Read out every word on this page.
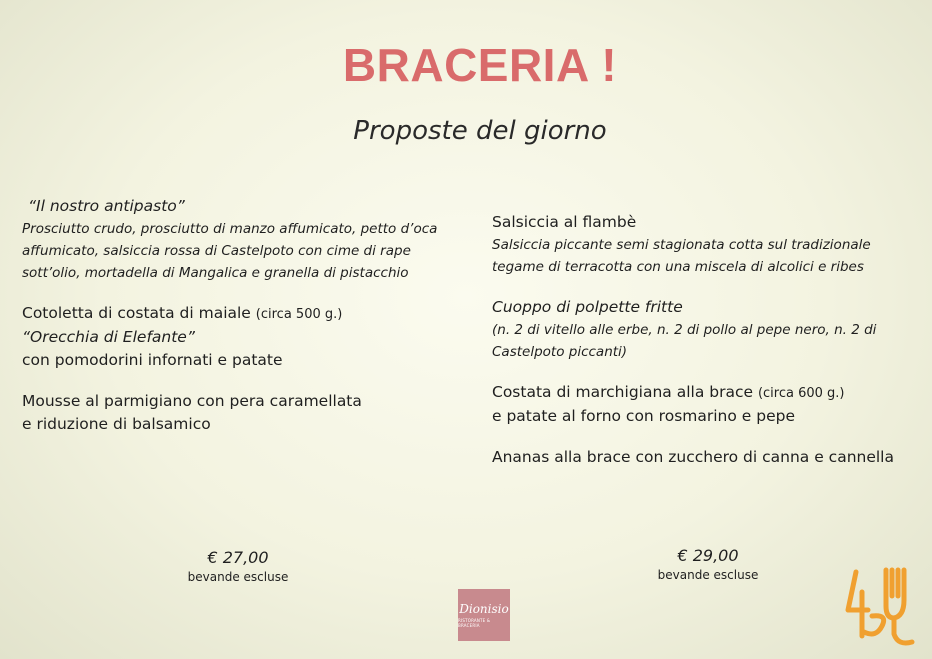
BRACERIA !
Proposte del giorno

“Il nostro antipasto”

Prosciutto crudo, prosciutto di manzo affumicato, petto d’oca

affumicato, salsiccia rossa di Castelpoto con cime di rape

sott’olio, mortadella di Mangalica e granella di pistacchio

Cotoletta di costata di maiale (circa 500 g.)

“Orecchia di Elefante”

con pomodorini infornati e patate

Mousse al parmigiano con pera caramellata

e riduzione di balsamico

Salsiccia al flambè

Salsiccia piccante semi stagionata cotta sul tradizionale

tegame di terracotta con una miscela di alcolici e ribes

Cuoppo di polpette fritte

(n. 2 di vitello alle erbe, n. 2 di pollo al pepe nero, n. 2 di

Castelpoto piccanti)

Costata di marchigiana alla brace (circa 600 g.)

e patate al forno con rosmarino e pepe

Ananas alla brace con zucchero di canna e cannella

€ 27,00
bevande escluse
€ 29,00
bevande escluse
Dionisio
RISTORANTE & BRACERIA
